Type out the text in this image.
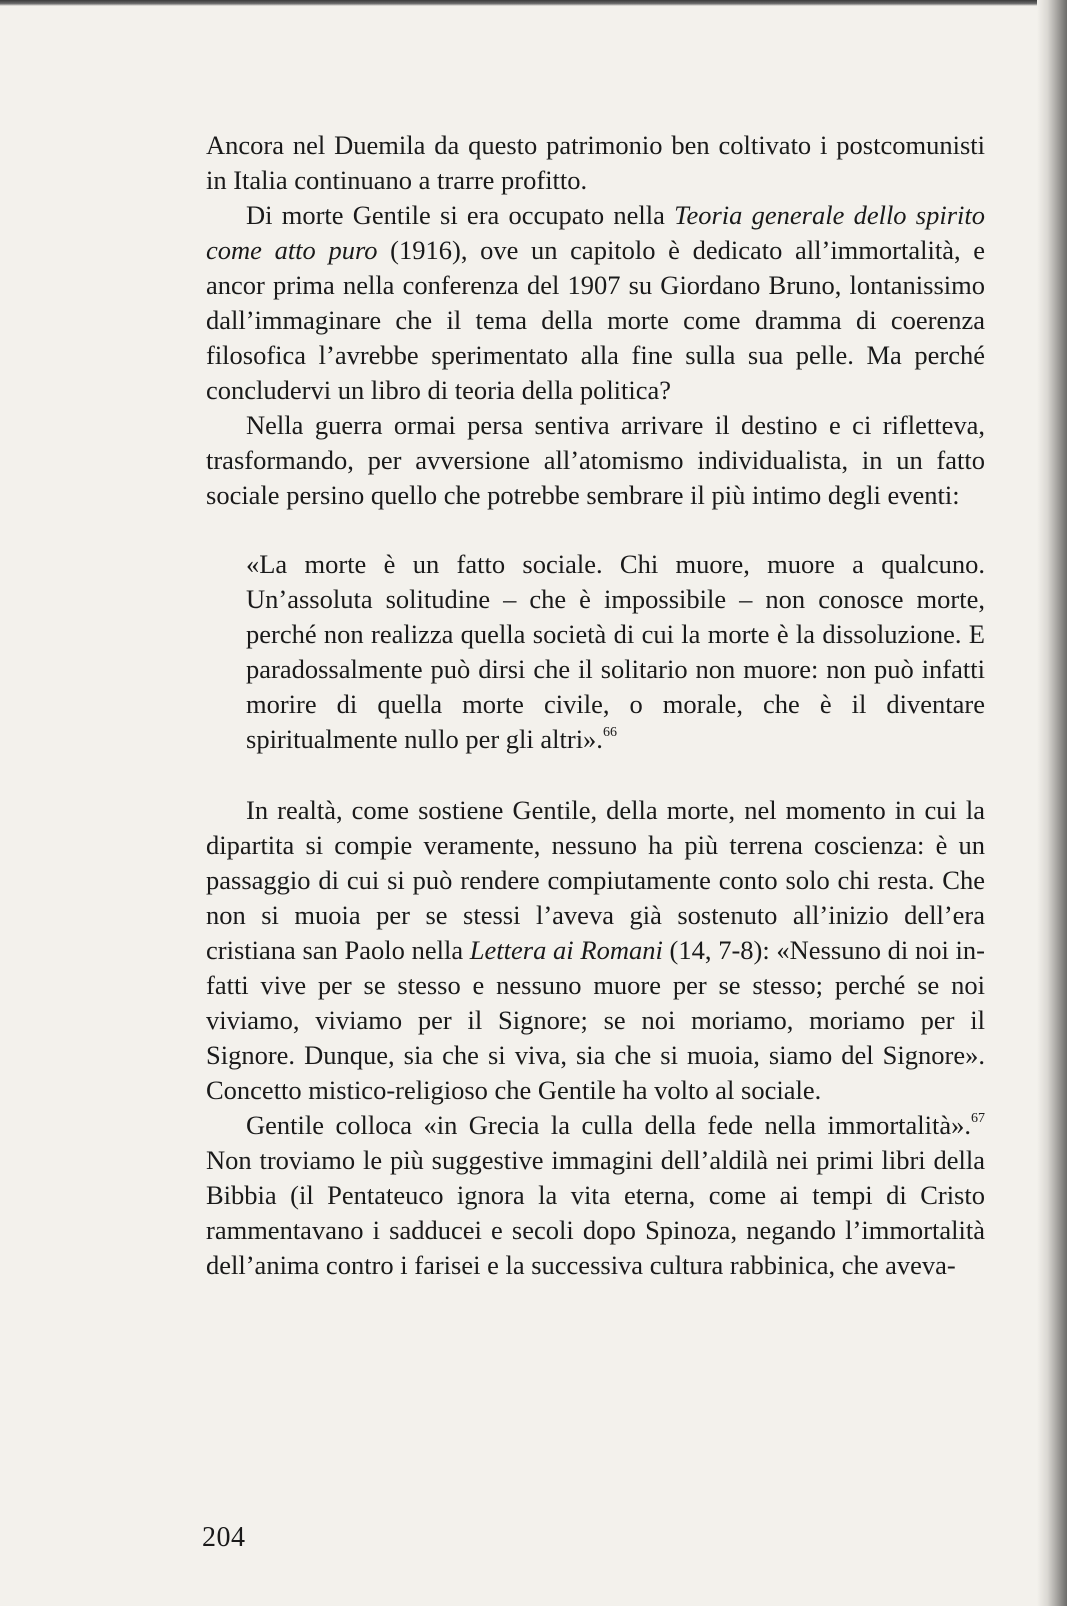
Ancora nel Duemila da questo patrimonio ben coltivato i postcomunisti in Italia continuano a trarre profitto.

Di morte Gentile si era occupato nella Teoria generale dello spirito come atto puro (1916), ove un capitolo è dedicato all’immortalità, e ancor prima nella conferenza del 1907 su Giordano Bruno, lontanissimo dall’immaginare che il tema della morte come dramma di coerenza filosofica l’avrebbe sperimentato alla fine sulla sua pelle. Ma perché concludervi un libro di teoria della politica?

Nella guerra ormai persa sentiva arrivare il destino e ci rifletteva, trasformando, per avversione all’atomismo individualista, in un fatto sociale persino quello che potrebbe sembrare il più intimo degli eventi:

«La morte è un fatto sociale. Chi muore, muore a qualcuno. Un’assoluta solitudine – che è impossibile – non conosce morte, perché non realizza quella società di cui la morte è la dissoluzione. E paradossalmente può dirsi che il solitario non muore: non può infatti morire di quella morte civile, o morale, che è il diventare spiritualmente nullo per gli altri».$^{66}$

In realtà, come sostiene Gentile, della morte, nel momento in cui la dipartita si compie veramente, nessuno ha più terrena coscienza: è un passaggio di cui si può rendere compiutamente conto solo chi resta. Che non si muoia per se stessi l’aveva già sostenuto all’inizio dell’era cristiana san Paolo nella Lettera ai Romani (14, 7-8): «Nessuno di noi infatti vive per se stesso e nessuno muore per se stesso; perché se noi viviamo, viviamo per il Signore; se noi moriamo, moriamo per il Signore. Dunque, sia che si viva, sia che si muoia, siamo del Signore». Concetto mistico-religioso che Gentile ha volto al sociale.

Gentile colloca «in Grecia la culla della fede nella immortalità».$^{67}$ Non troviamo le più suggestive immagini dell’aldilà nei primi libri della Bibbia (il Pentateuco ignora la vita eterna, come ai tempi di Cristo rammentavano i sadducei e secoli dopo Spinoza, negando l’immortalità dell’anima contro i farisei e la successiva cultura rabbinica, che aveva-

204
